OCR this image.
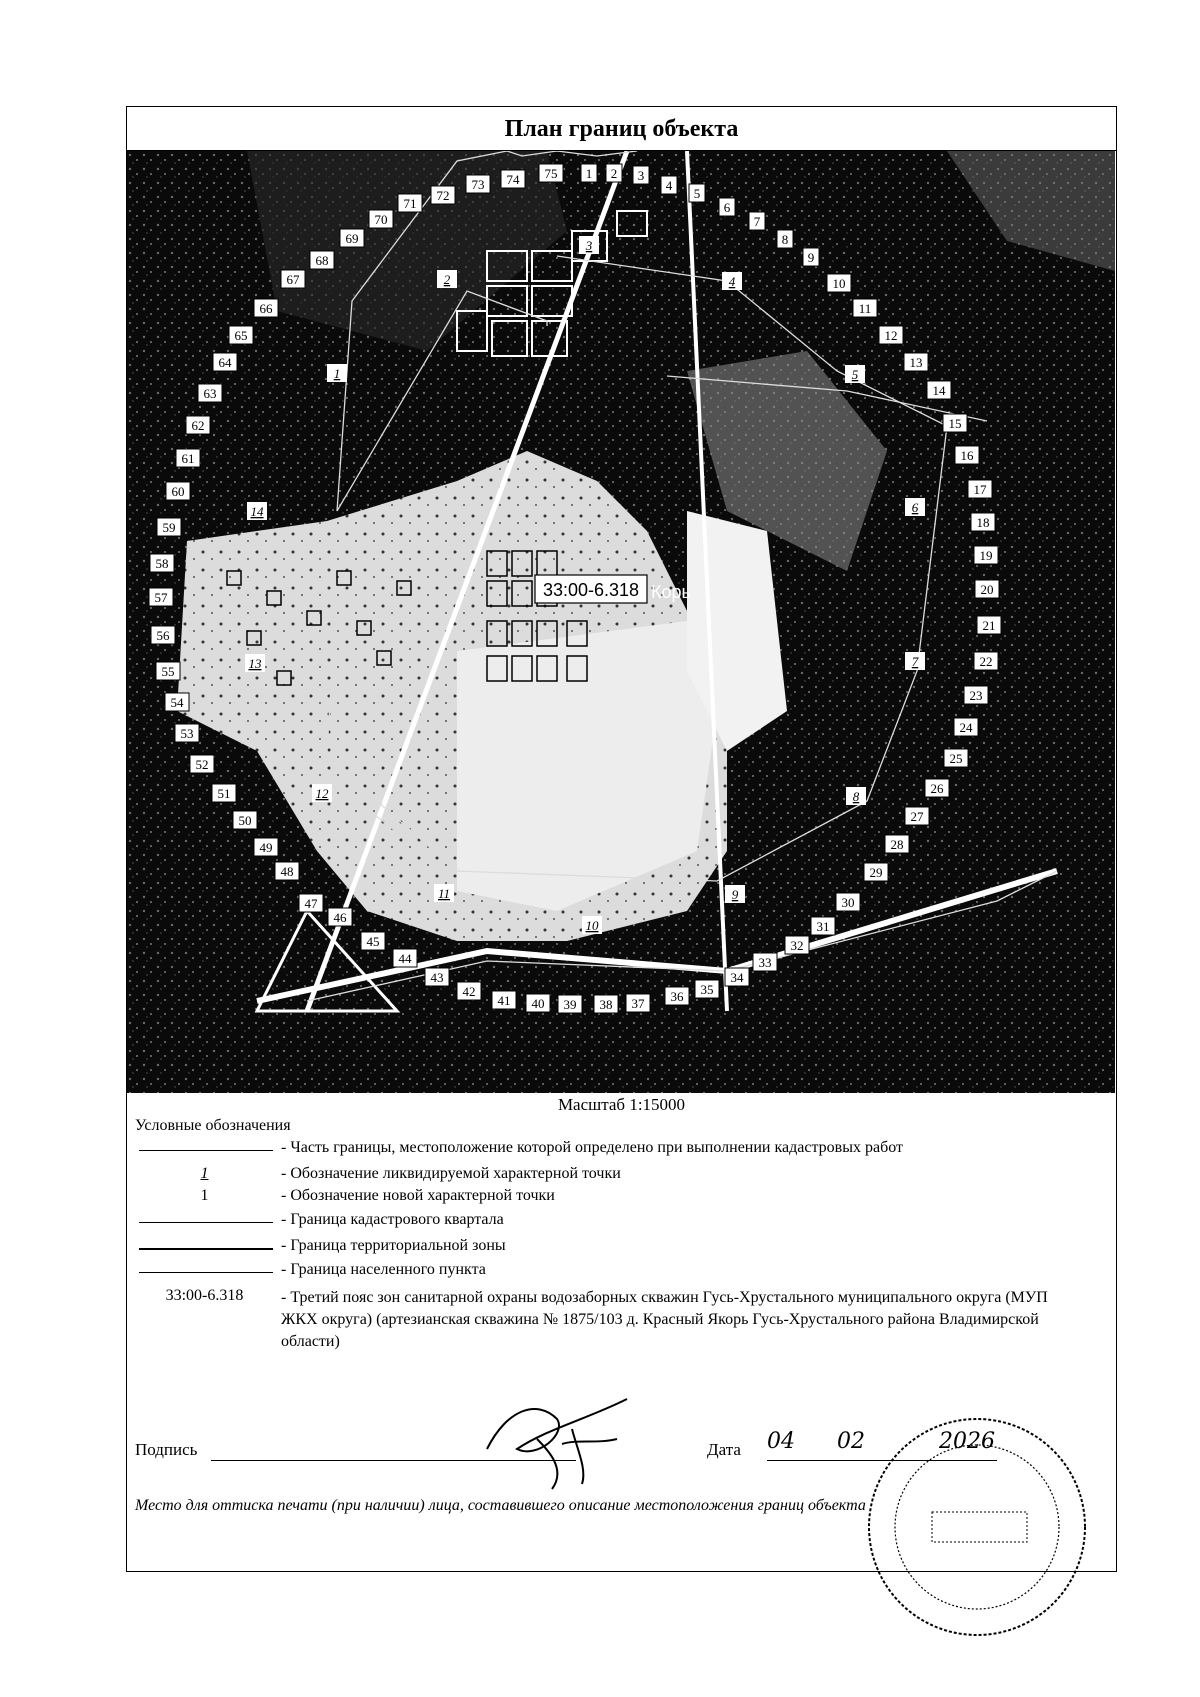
План границ объекта
33:00-6.318 Корь
1 2 3
4
5
6
7
8
9
10
11
12
13
14
15
16
17
18
19
20
21
22
23
24
25
26
27
28
29
30
31
32
33
34
35
36
37
38
39
40
41
42
43
44
45
46
47
48
49
50
51
52
53
54
55
56
57
58
59
60
61
62
63
64
65
66
67
68
69
70
71
72
73 74 75
1
2
3
4
5
6
7
8
9
10
11
12
13
14
Масштаб 1:15000
Условные обозначения
- Часть границы, местоположение которой определено при выполнении кадастровых работ
1	- Обозначение ликвидируемой характерной точки
1	- Обозначение новой характерной точки
- Граница кадастрового квартала
- Граница территориальной зоны
- Граница населенного пункта
33:00-6.318	- Третий пояс зон санитарной охраны водозаборных скважин Гусь-Хрустального муниципального округа (МУП ЖКХ округа) (артезианская скважина № 1875/103 д. Красный Якорь Гусь-Хрустального района Владимирской области)
Подпись	Дата 04 02	2026
Место для оттиска печати (при наличии) лица, составившего описание местоположения границ объекта
